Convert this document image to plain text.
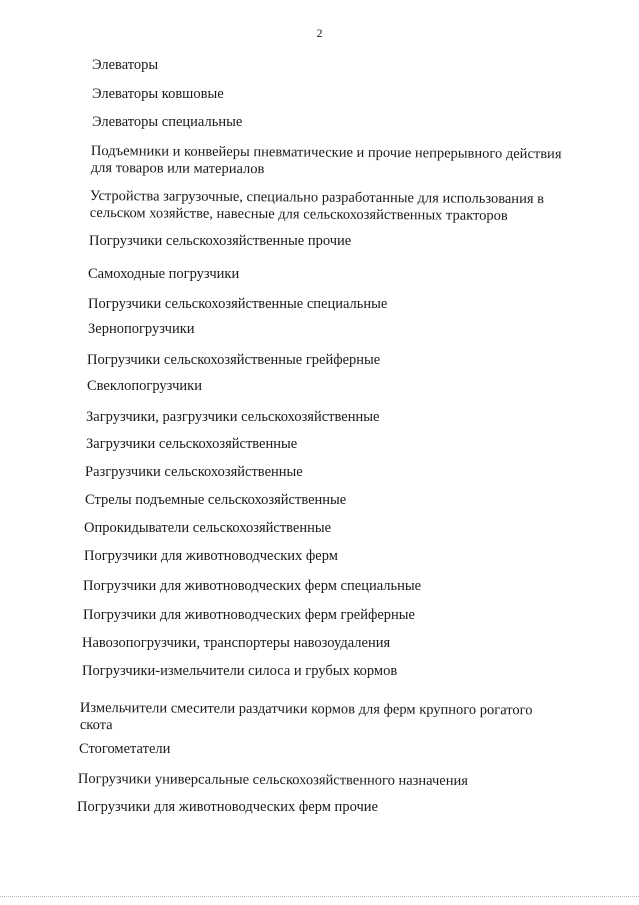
2
Элеваторы
Элеваторы ковшовые
Элеваторы специальные
Подъемники и конвейеры пневматические и прочие непрерывного действия
для товаров или материалов
Устройства загрузочные, специально разработанные для использования в
сельском хозяйстве, навесные для сельскохозяйственных тракторов
Погрузчики сельскохозяйственные прочие
Самоходные погрузчики
Погрузчики сельскохозяйственные специальные
Зернопогрузчики
Погрузчики сельскохозяйственные грейферные
Свеклопогрузчики
Загрузчики, разгрузчики сельскохозяйственные
Загрузчики сельскохозяйственные
Разгрузчики сельскохозяйственные
Стрелы подъемные сельскохозяйственные
Опрокидыватели сельскохозяйственные
Погрузчики для животноводческих ферм
Погрузчики для животноводческих ферм специальные
Погрузчики для животноводческих ферм грейферные
Навозопогрузчики, транспортеры навозоудаления
Погрузчики-измельчители силоса и грубых кормов
Измельчители смесители раздатчики кормов для ферм крупного рогатого
скота
Стогометатели
Погрузчики универсальные сельскохозяйственного назначения
Погрузчики для животноводческих ферм прочие
